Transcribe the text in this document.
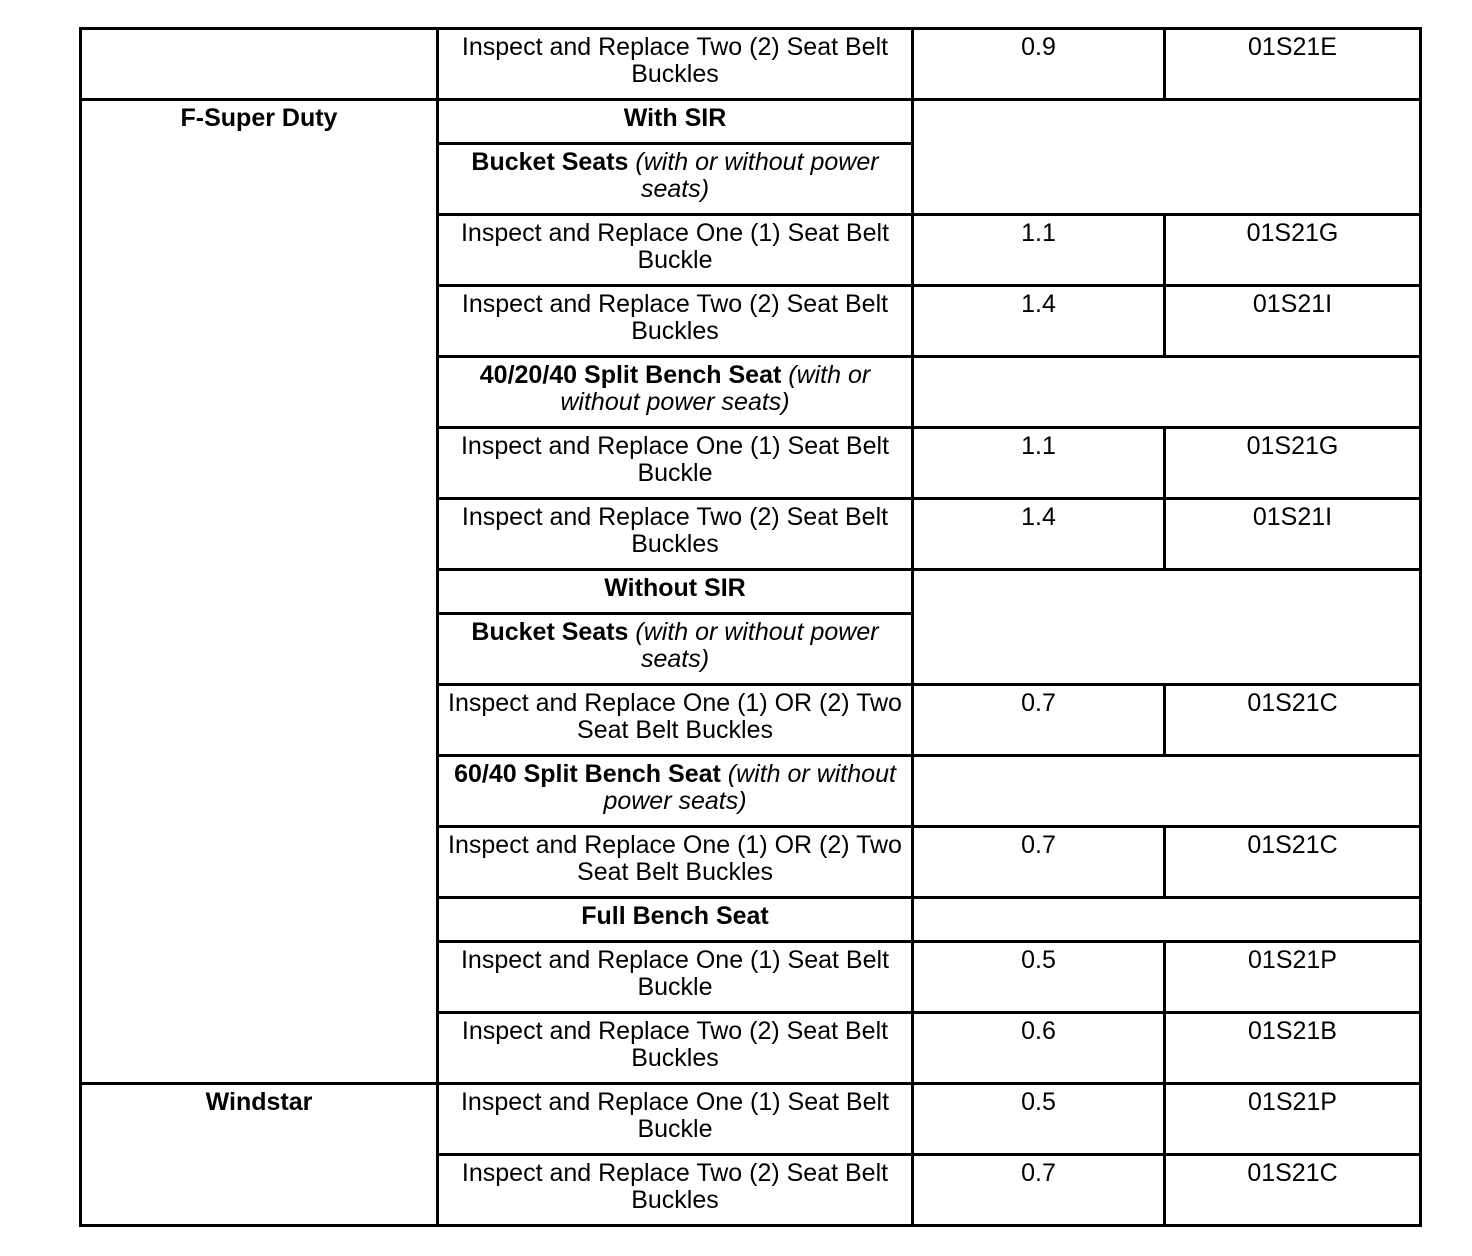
	Inspect and Replace Two (2) Seat Belt Buckles	0.9	01S21E
F-Super Duty	With SIR		
	Bucket Seats (with or without power seats)		
	Inspect and Replace One (1) Seat Belt Buckle	1.1	01S21G
	Inspect and Replace Two (2) Seat Belt Buckles	1.4	01S21I
	40/20/40 Split Bench Seat (with or without power seats)		
	Inspect and Replace One (1) Seat Belt Buckle	1.1	01S21G
	Inspect and Replace Two (2) Seat Belt Buckles	1.4	01S21I
	Without SIR		
	Bucket Seats (with or without power seats)		
	Inspect and Replace One (1) OR (2) Two Seat Belt Buckles	0.7	01S21C
	60/40 Split Bench Seat (with or without power seats)		
	Inspect and Replace One (1) OR (2) Two Seat Belt Buckles	0.7	01S21C
	Full Bench Seat		
	Inspect and Replace One (1) Seat Belt Buckle	0.5	01S21P
	Inspect and Replace Two (2) Seat Belt Buckles	0.6	01S21B
Windstar	Inspect and Replace One (1) Seat Belt Buckle	0.5	01S21P
	Inspect and Replace Two (2) Seat Belt Buckles	0.7	01S21C
